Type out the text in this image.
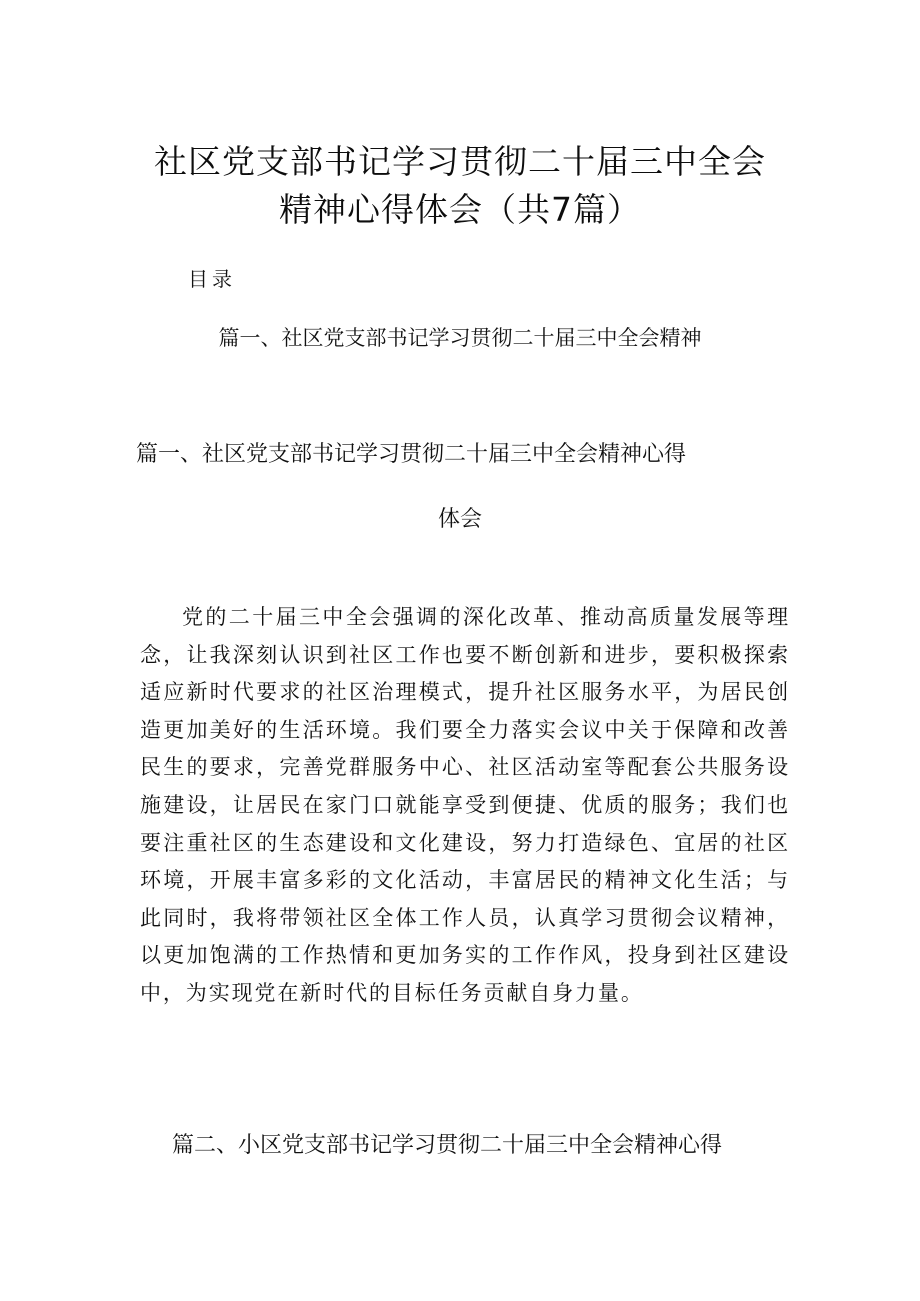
社区党支部书记学习贯彻二十届三中全会
精神心得体会（共7篇）
目录
篇一、社区党支部书记学习贯彻二十届三中全会精神
篇一、社区党支部书记学习贯彻二十届三中全会精神心得
体会
党的二十届三中全会强调的深化改革、推动高质量发展等理念，让我深刻认识到社区工作也要不断创新和进步，要积极探索适应新时代要求的社区治理模式，提升社区服务水平，为居民创造更加美好的生活环境。我们要全力落实会议中关于保障和改善民生的要求，完善党群服务中心、社区活动室等配套公共服务设施建设，让居民在家门口就能享受到便捷、优质的服务；我们也要注重社区的生态建设和文化建设，努力打造绿色、宜居的社区环境，开展丰富多彩的文化活动，丰富居民的精神文化生活；与此同时，我将带领社区全体工作人员，认真学习贯彻会议精神，以更加饱满的工作热情和更加务实的工作作风，投身到社区建设中，为实现党在新时代的目标任务贡献自身力量。
篇二、小区党支部书记学习贯彻二十届三中全会精神心得
